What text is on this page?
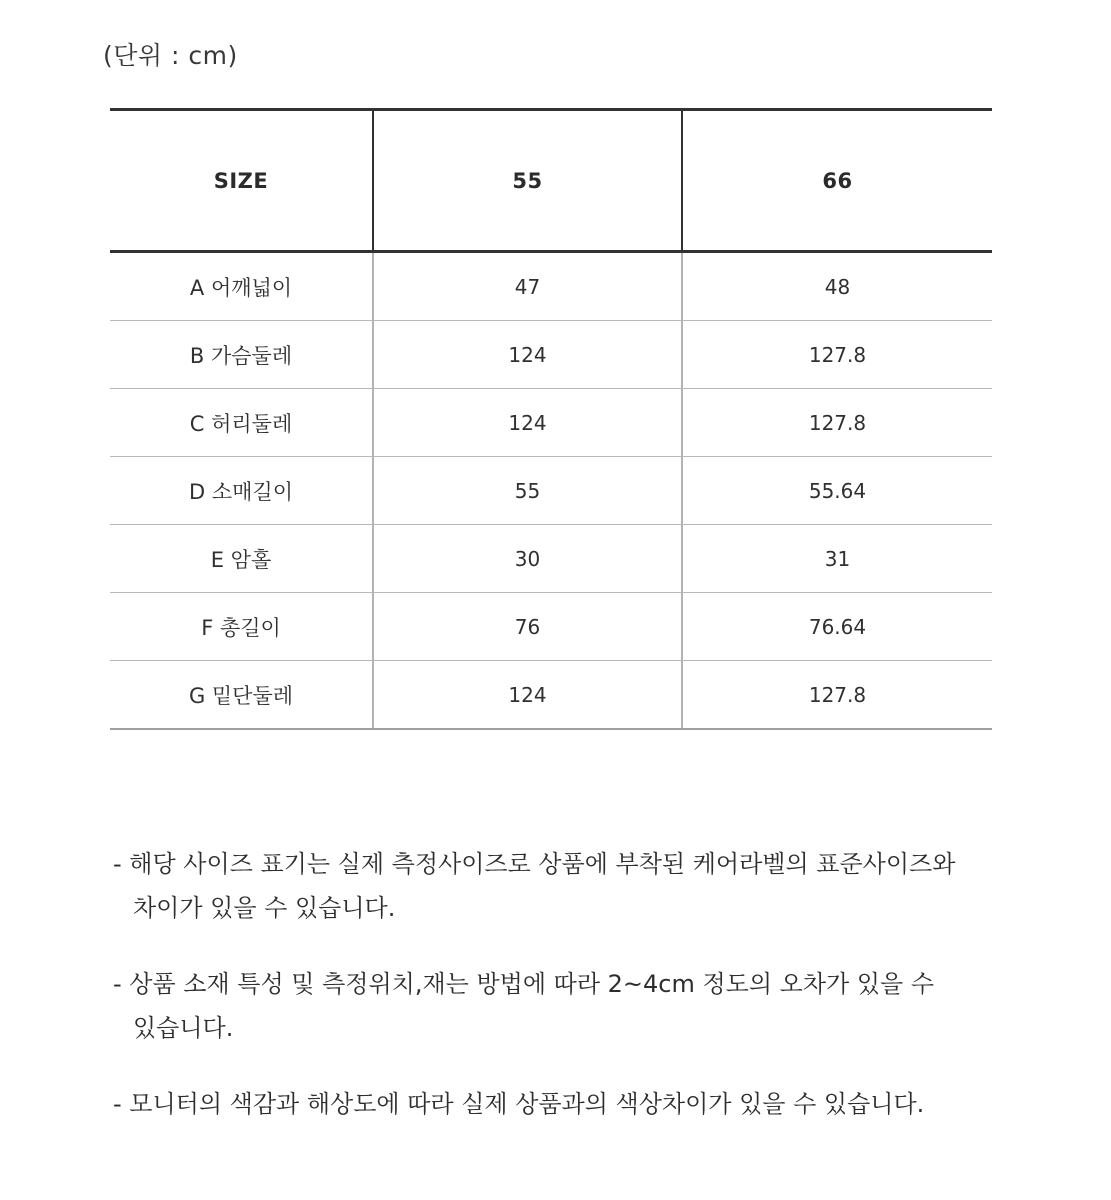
(단위 : cm)
SIZE	55	66
A 어깨넓이	47	48
B 가슴둘레	124	127.8
C 허리둘레	124	127.8
D 소매길이	55	55.64
E 암홀	30	31
F 총길이	76	76.64
G 밑단둘레	124	127.8
- 해당 사이즈 표기는 실제 측정사이즈로 상품에 부착된 케어라벨의 표준사이즈와
차이가 있을 수 있습니다.
- 상품 소재 특성 및 측정위치,재는 방법에 따라 2~4cm 정도의 오차가 있을 수
있습니다.
- 모니터의 색감과 해상도에 따라 실제 상품과의 색상차이가 있을 수 있습니다.
